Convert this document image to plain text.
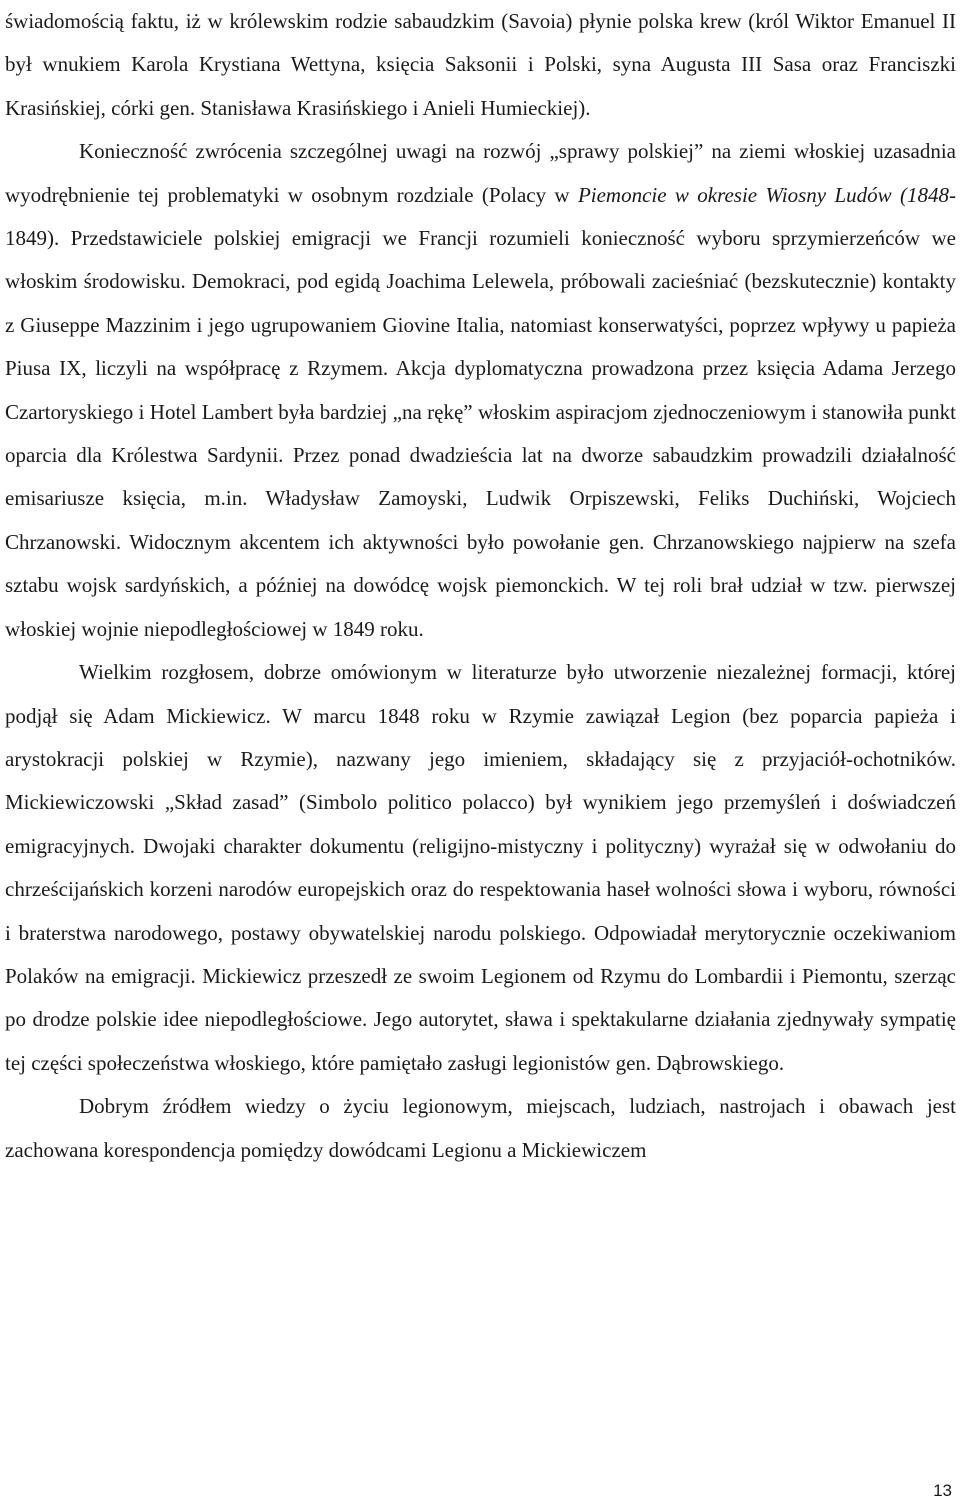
świadomością faktu, iż w królewskim rodzie sabaudzkim (Savoia) płynie polska krew (król Wiktor Emanuel II był wnukiem Karola Krystiana Wettyna, księcia Saksonii i Polski, syna Augusta III Sasa oraz Franciszki Krasińskiej, córki gen. Stanisława Krasińskiego i Anieli Humieckiej).

Konieczność zwrócenia szczególnej uwagi na rozwój „sprawy polskiej” na ziemi włoskiej uzasadnia wyodrębnienie tej problematyki w osobnym rozdziale (Polacy w Piemoncie w okresie Wiosny Ludów (1848-1849). Przedstawiciele polskiej emigracji we Francji rozumieli konieczność wyboru sprzymierzeńców we włoskim środowisku. Demokraci, pod egidą Joachima Lelewela, próbowali zacieśniać (bezskutecznie) kontakty z Giuseppe Mazzinim i jego ugrupowaniem Giovine Italia, natomiast konserwatyści, poprzez wpływy u papieża Piusa IX, liczyli na współpracę z Rzymem. Akcja dyplomatyczna prowadzona przez księcia Adama Jerzego Czartoryskiego i Hotel Lambert była bardziej „na rękę” włoskim aspiracjom zjednoczeniowym i stanowiła punkt oparcia dla Królestwa Sardynii. Przez ponad dwadzieścia lat na dworze sabaudzkim prowadzili działalność emisariusze księcia, m.in. Władysław Zamoyski, Ludwik Orpiszewski, Feliks Duchiński, Wojciech Chrzanowski. Widocznym akcentem ich aktywności było powołanie gen. Chrzanowskiego najpierw na szefa sztabu wojsk sardyńskich, a później na dowódcę wojsk piemonckich. W tej roli brał udział w tzw. pierwszej włoskiej wojnie niepodległościowej w 1849 roku.

Wielkim rozgłosem, dobrze omówionym w literaturze było utworzenie niezależnej formacji, której podjął się Adam Mickiewicz. W marcu 1848 roku w Rzymie zawiązał Legion (bez poparcia papieża i arystokracji polskiej w Rzymie), nazwany jego imieniem, składający się z przyjaciół-ochotników. Mickiewiczowski „Skład zasad” (Simbolo politico polacco) był wynikiem jego przemyśleń i doświadczeń emigracyjnych. Dwojaki charakter dokumentu (religijno-mistyczny i polityczny) wyrażał się w odwołaniu do chrześcijańskich korzeni narodów europejskich oraz do respektowania haseł wolności słowa i wyboru, równości i braterstwa narodowego, postawy obywatelskiej narodu polskiego. Odpowiadał merytorycznie oczekiwaniom Polaków na emigracji. Mickiewicz przeszedł ze swoim Legionem od Rzymu do Lombardii i Piemontu, szerząc po drodze polskie idee niepodległościowe. Jego autorytet, sława i spektakularne działania zjednywały sympatię tej części społeczeństwa włoskiego, które pamiętało zasługi legionistów gen. Dąbrowskiego.

Dobrym źródłem wiedzy o życiu legionowym, miejscach, ludziach, nastrojach i obawach jest zachowana korespondencja pomiędzy dowódcami Legionu a Mickiewiczem

13
